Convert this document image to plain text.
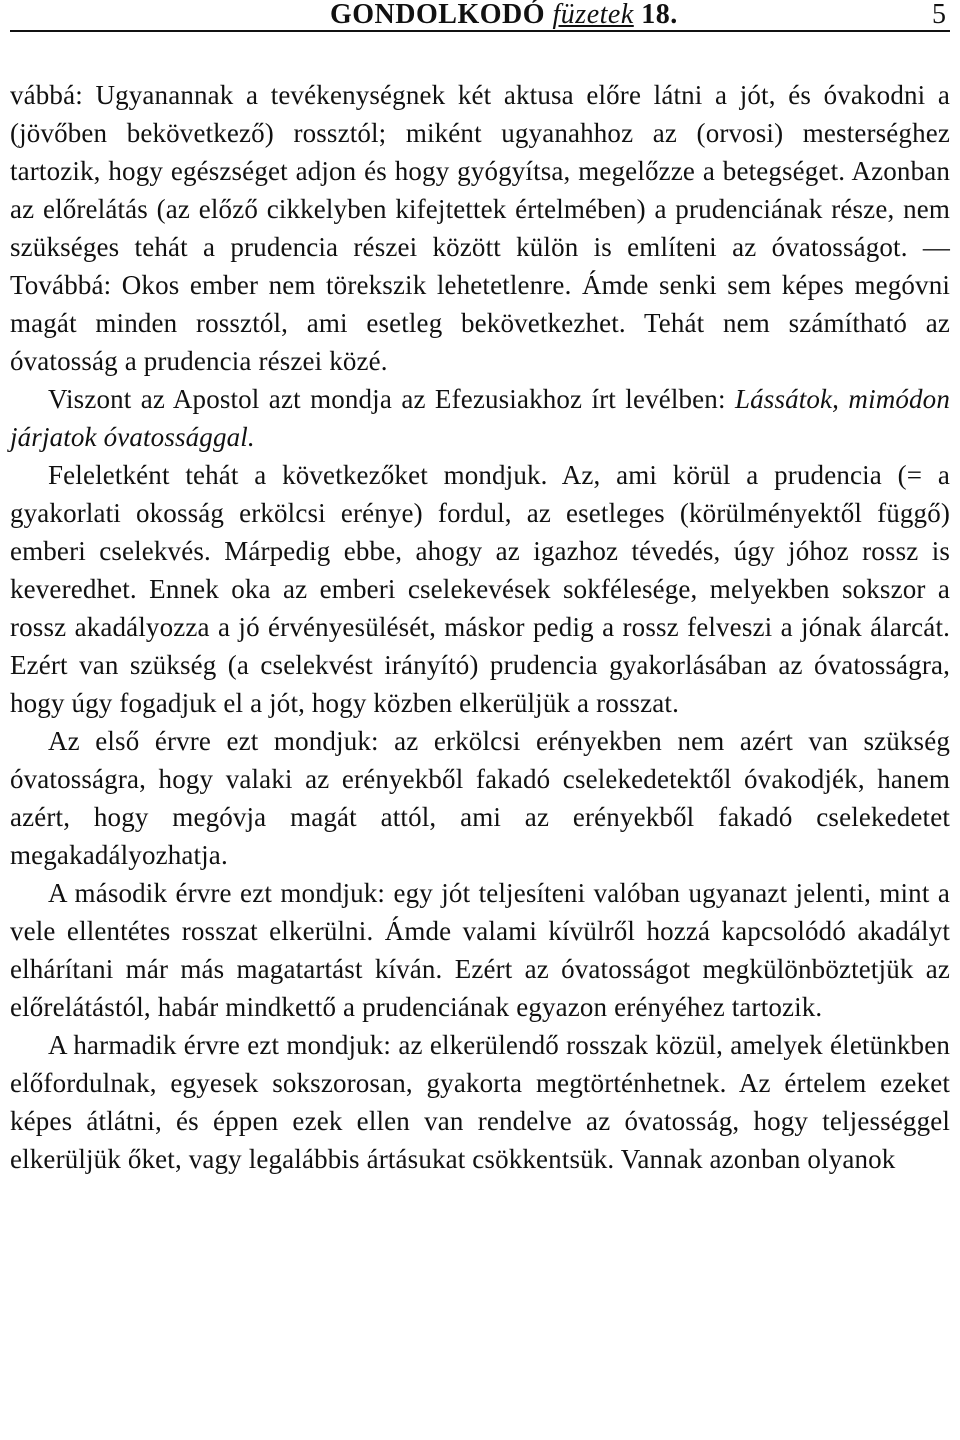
GONDOLKODÓ füzetek 18.	5

vábbá: Ugyanannak a tevékenységnek két aktusa előre látni a jót, és óvakodni a (jövőben bekövetkező) rossztól; miként ugyanahhoz az (orvosi) mesterséghez tartozik, hogy egészséget adjon és hogy gyógyítsa, megelőzze a betegséget. Azonban az előrelátás (az előző cikkelyben kifejtettek értelmében) a prudenciának része, nem szükséges tehát a prudencia részei között külön is említeni az óvatosságot. — Továbbá: Okos ember nem törekszik lehetetlenre. Ámde senki sem képes megóvni magát minden rossztól, ami esetleg bekövetkezhet. Tehát nem számítható az óvatosság a prudencia részei közé.

Viszont az Apostol azt mondja az Efezusiakhoz írt levélben: Lássátok, mimódon járjatok óvatossággal.

Feleletként tehát a következőket mondjuk. Az, ami körül a prudencia (= a gyakorlati okosság erkölcsi erénye) fordul, az esetleges (körülményektől függő) emberi cselekvés. Márpedig ebbe, ahogy az igazhoz tévedés, úgy jóhoz rossz is keveredhet. Ennek oka az emberi cselekevések sokfélesége, melyekben sokszor a rossz akadályozza a jó érvényesülését, máskor pedig a rossz felveszi a jónak álarcát. Ezért van szükség (a cselekvést irányító) prudencia gyakorlásában az óvatosságra, hogy úgy fogadjuk el a jót, hogy közben elkerüljük a rosszat.

Az első érvre ezt mondjuk: az erkölcsi erényekben nem azért van szükség óvatosságra, hogy valaki az erényekből fakadó cselekedetektől óvakodjék, hanem azért, hogy megóvja magát attól, ami az erényekből fakadó cselekedetet megakadályozhatja.

A második érvre ezt mondjuk: egy jót teljesíteni valóban ugyanazt jelenti, mint a vele ellentétes rosszat elkerülni. Ámde valami kívülről hozzá kapcsolódó akadályt elhárítani már más magatartást kíván. Ezért az óvatosságot megkülönböztetjük az előrelátástól, habár mindkettő a prudenciának egyazon erényéhez tartozik.

A harmadik érvre ezt mondjuk: az elkerülendő rosszak közül, amelyek életünkben előfordulnak, egyesek sokszorosan, gyakorta megtörténhetnek. Az értelem ezeket képes átlátni, és éppen ezek ellen van rendelve az óvatosság, hogy teljességgel elkerüljük őket, vagy legalábbis ártásukat csökkentsük. Vannak azonban olyanok
